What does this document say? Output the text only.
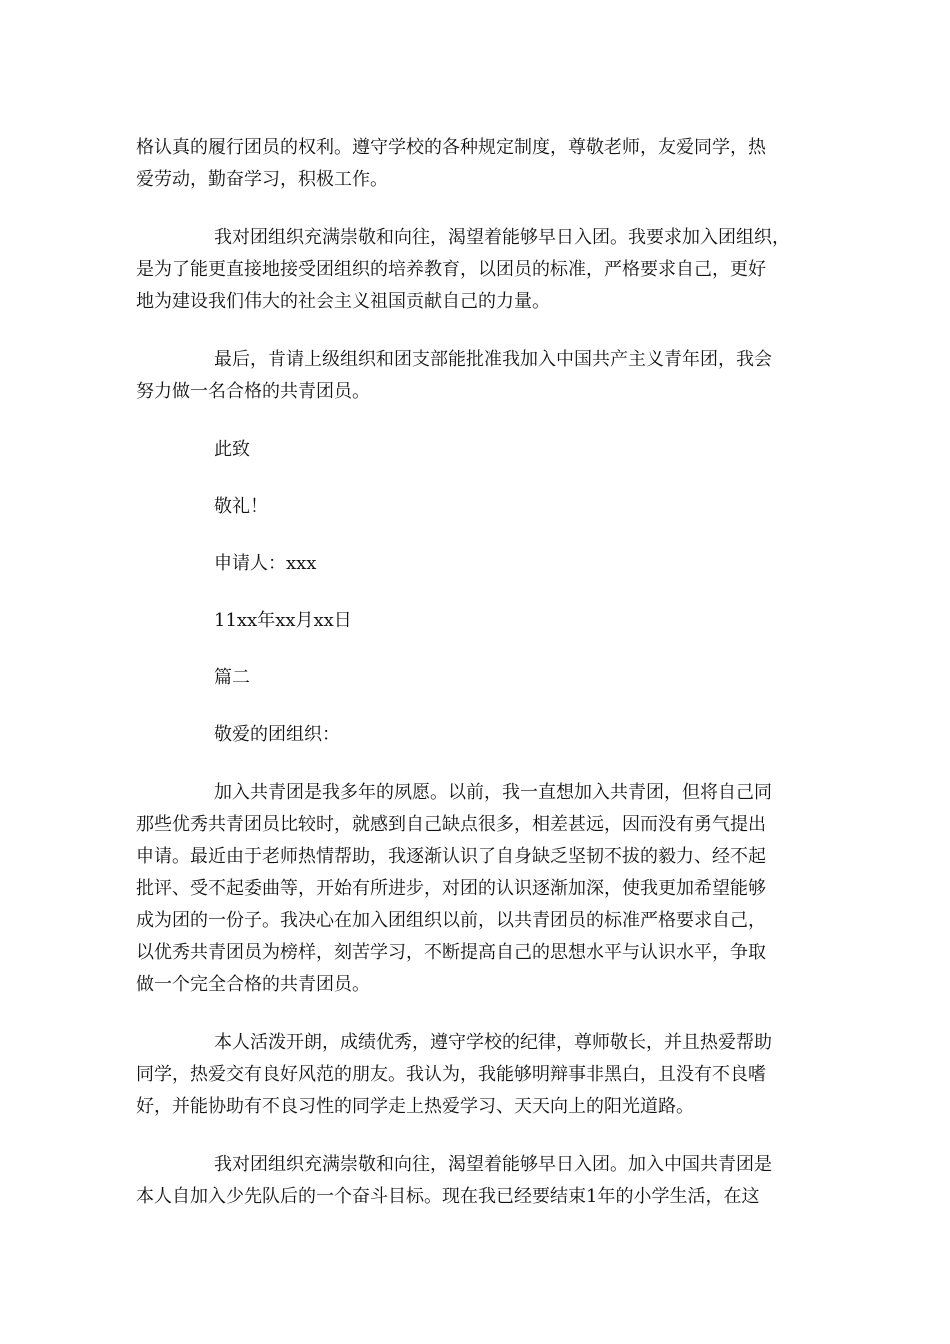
格认真的履行团员的权利。遵守学校的各种规定制度，尊敬老师，友爱同学，热
爱劳动，勤奋学习，积极工作。
我对团组织充满崇敬和向往，渴望着能够早日入团。我要求加入团组织，
是为了能更直接地接受团组织的培养教育，以团员的标准，严格要求自己，更好
地为建设我们伟大的社会主义祖国贡献自己的力量。
最后，肯请上级组织和团支部能批准我加入中国共产主义青年团，我会
努力做一名合格的共青团员。
此致
敬礼！
申请人：xxx
11xx年xx月xx日
篇二
敬爱的团组织：
加入共青团是我多年的夙愿。以前，我一直想加入共青团，但将自己同
那些优秀共青团员比较时，就感到自己缺点很多，相差甚远，因而没有勇气提出
申请。最近由于老师热情帮助，我逐渐认识了自身缺乏坚韧不拔的毅力、经不起
批评、受不起委曲等，开始有所进步，对团的认识逐渐加深，使我更加希望能够
成为团的一份子。我决心在加入团组织以前，以共青团员的标准严格要求自己，
以优秀共青团员为榜样，刻苦学习，不断提高自己的思想水平与认识水平，争取
做一个完全合格的共青团员。
本人活泼开朗，成绩优秀，遵守学校的纪律，尊师敬长，并且热爱帮助
同学，热爱交有良好风范的朋友。我认为，我能够明辩事非黑白，且没有不良嗜
好，并能协助有不良习性的同学走上热爱学习、天天向上的阳光道路。
我对团组织充满崇敬和向往，渴望着能够早日入团。加入中国共青团是
本人自加入少先队后的一个奋斗目标。现在我已经要结束1年的小学生活，在这
